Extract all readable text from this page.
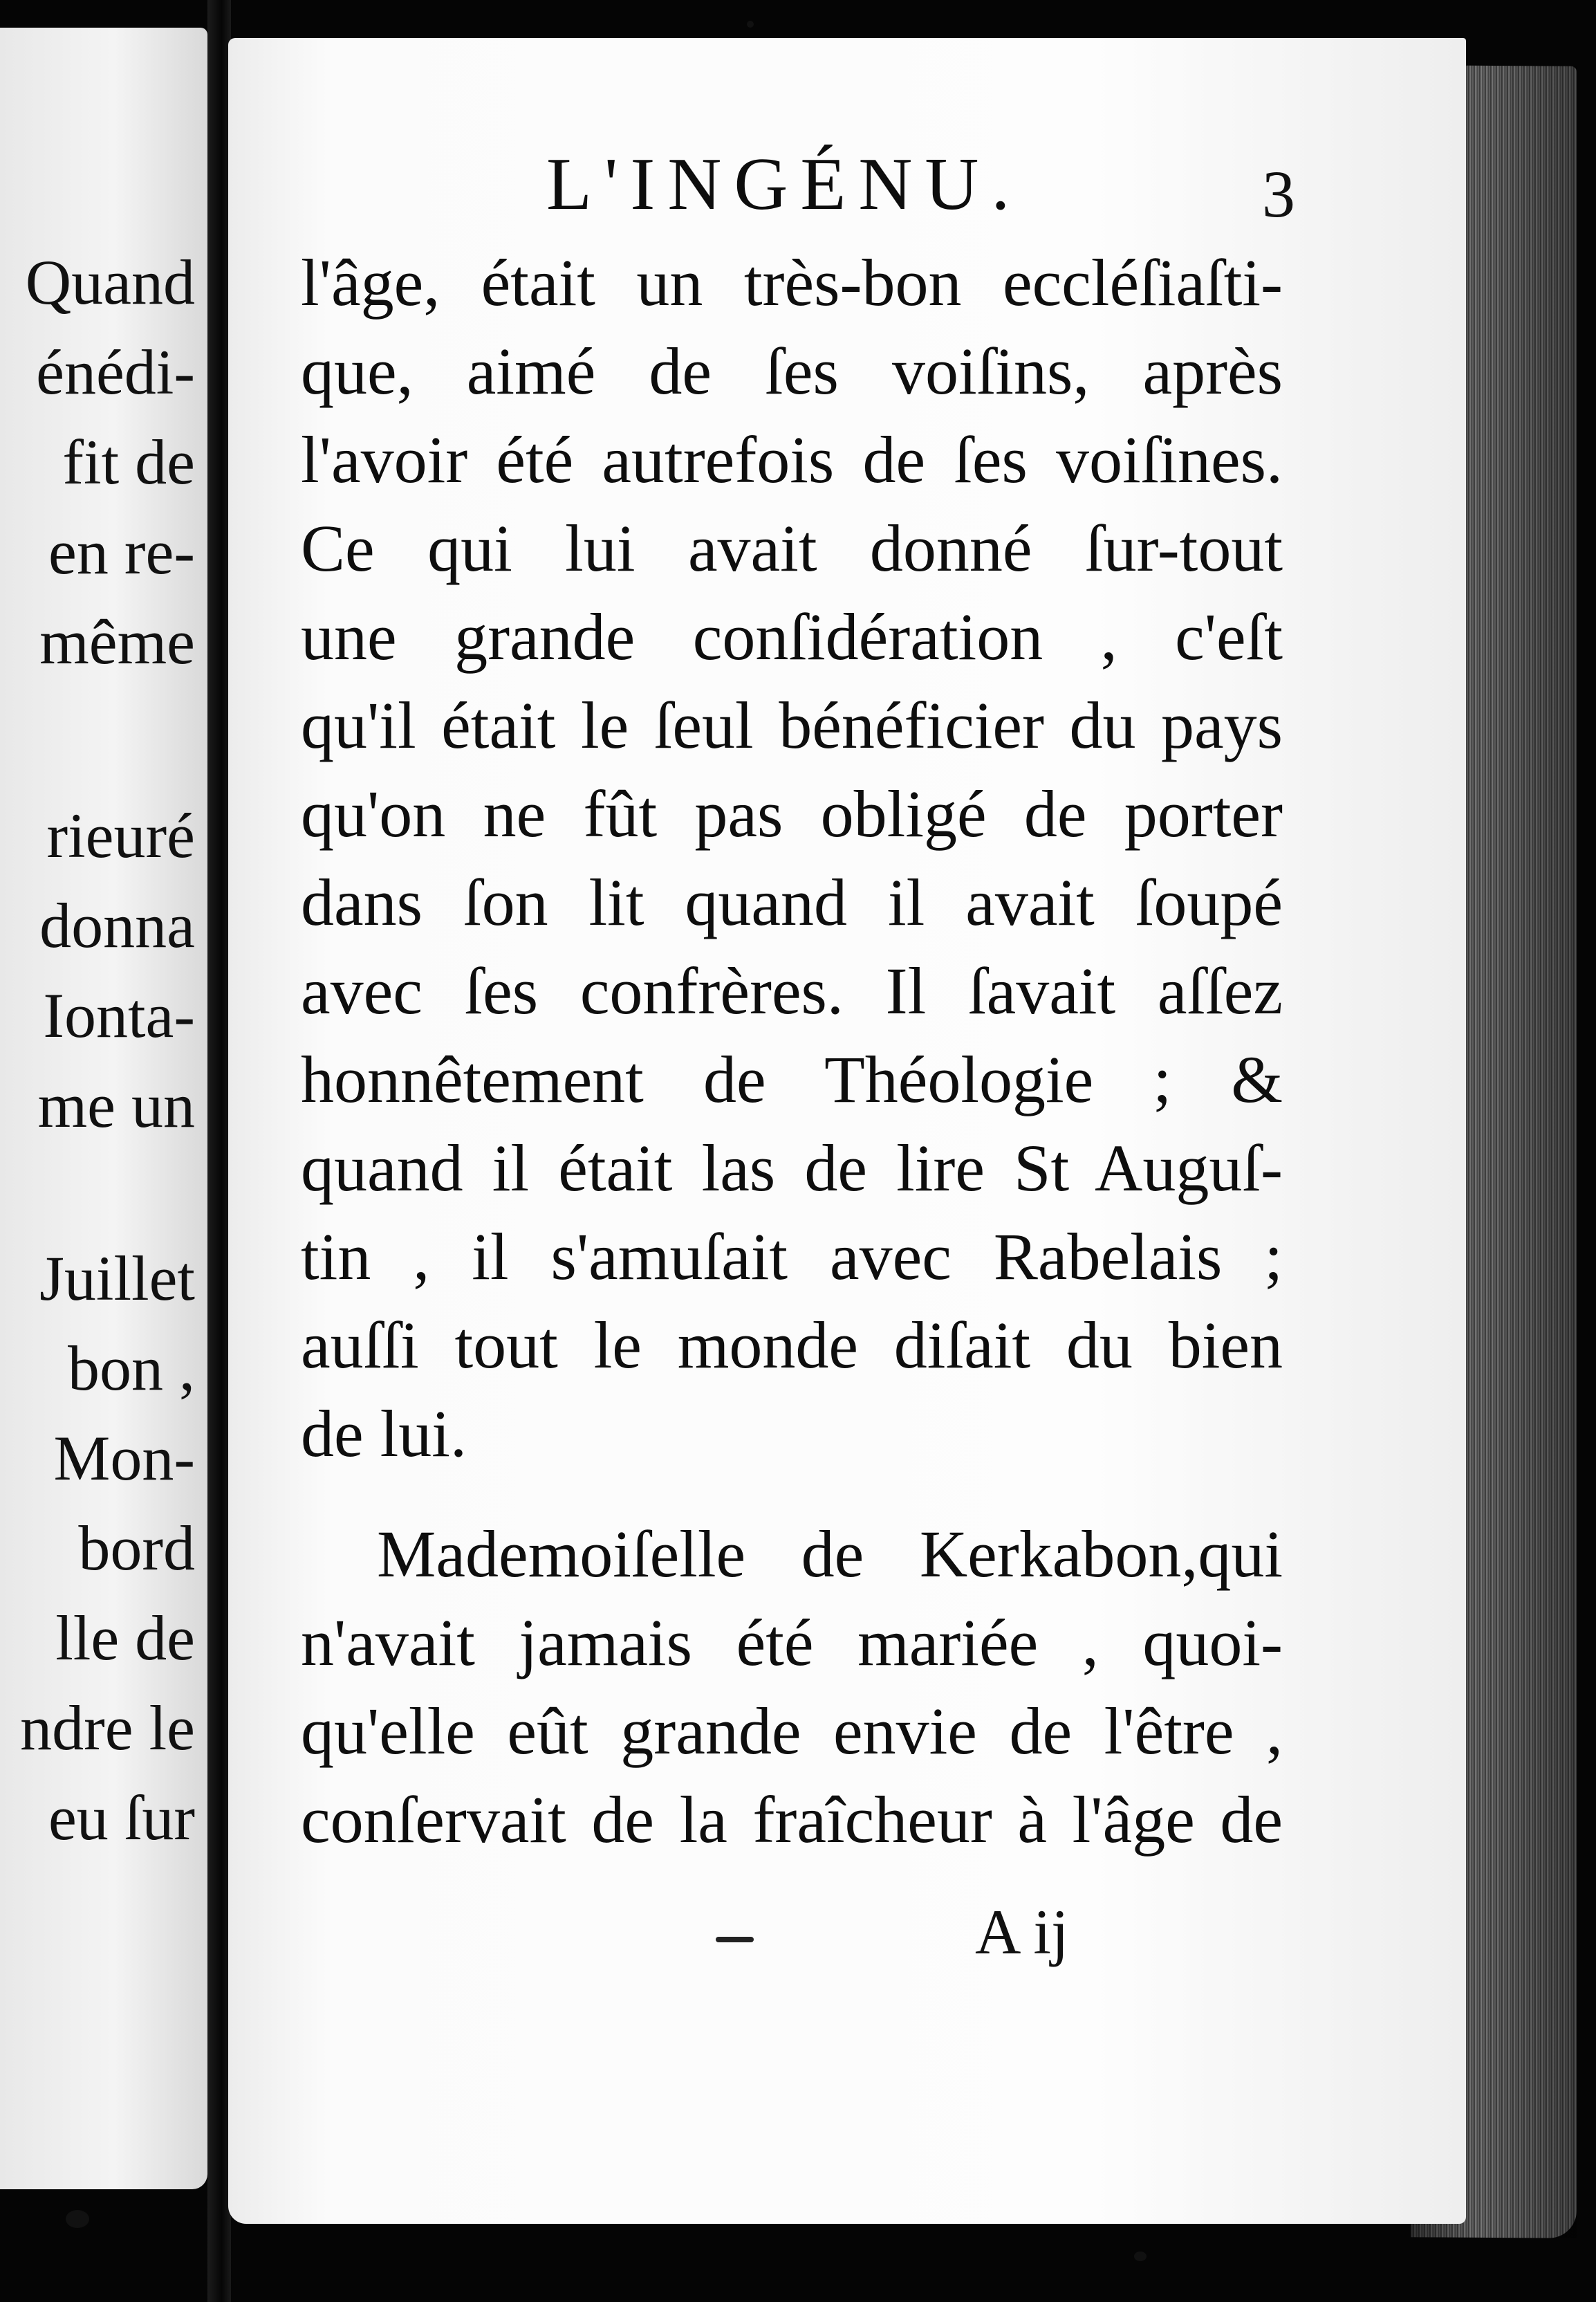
Quand
énédi-
fit de
en re-
même
rieuré
donna
Ionta-
me un
Juillet
bon ,
Mon-
bord
lle de
ndre le
eu ſur
L'INGÉNU.	3
l'âge, était un très-bon eccléſiaſti-
que, aimé de ſes voiſins, après
l'avoir été autrefois de ſes voiſines.
Ce qui lui avait donné ſur-tout
une grande conſidération , c'eſt
qu'il était le ſeul bénéficier du pays
qu'on ne fût pas obligé de porter
dans ſon lit quand il avait ſoupé
avec ſes confrères. Il ſavait aſſez
honnêtement de Théologie ; &
quand il était las de lire St Auguſ-
tin , il s'amuſait avec Rabelais ;
auſſi tout le monde diſait du bien
de lui.
Mademoiſelle de Kerkabon,qui
n'avait jamais été mariée , quoi-
qu'elle eût grande envie de l'être ,
conſervait de la fraîcheur à l'âge de
A ij
